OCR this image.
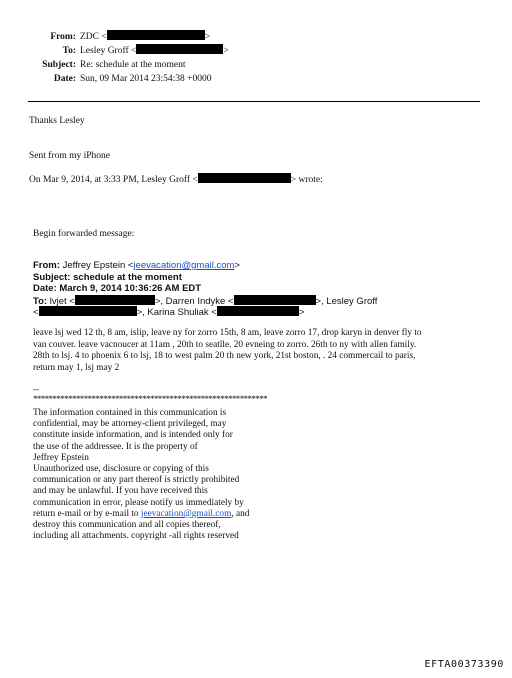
From: ZDC <	>
To: Lesley Groff <	>
Subject: Re: schedule at the moment
Date: Sun, 09 Mar 2014 23:54:38 +0000
Thanks Lesley
Sent from my iPhone
On Mar 9, 2014, at 3:33 PM, Lesley Groff <	> wrote:
Begin forwarded message:
From: Jeffrey Epstein <jeevacation@gmail.com>
Subject: schedule at the moment
Date: March 9, 2014 10:36:26 AM EDT
To: lvjet <	>, Darren Indyke <	>, Lesley Groff
<	>, Karina Shuliak <	>
leave lsj wed 12 th, 8 am, islip, leave ny for zorro 15th, 8 am, leave zorro 17, drop karyn in denver fly to
van couver. leave vacnoucer at 11am , 20th to seatlle. 20 evneing to zorro. 26th to ny with allen family.
28th to lsj. 4 to phoenix 6 to lsj, 18 to west palm 20 th new york, 21st boston, . 24 commercail to paris,
return may 1, lsj may 2
--
************************************************************
The information contained in this communication is
confidential, may be attorney-client privileged, may
constitute inside information, and is intended only for
the use of the addressee. It is the property of
Jeffrey Epstein
Unauthorized use, disclosure or copying of this
communication or any part thereof is strictly prohibited
and may be unlawful. If you have received this
communication in error, please notify us immediately by
return e-mail or by e-mail to jeevacation@gmail.com, and
destroy this communication and all copies thereof,
including all attachments. copyright -all rights reserved
EFTA00373390
